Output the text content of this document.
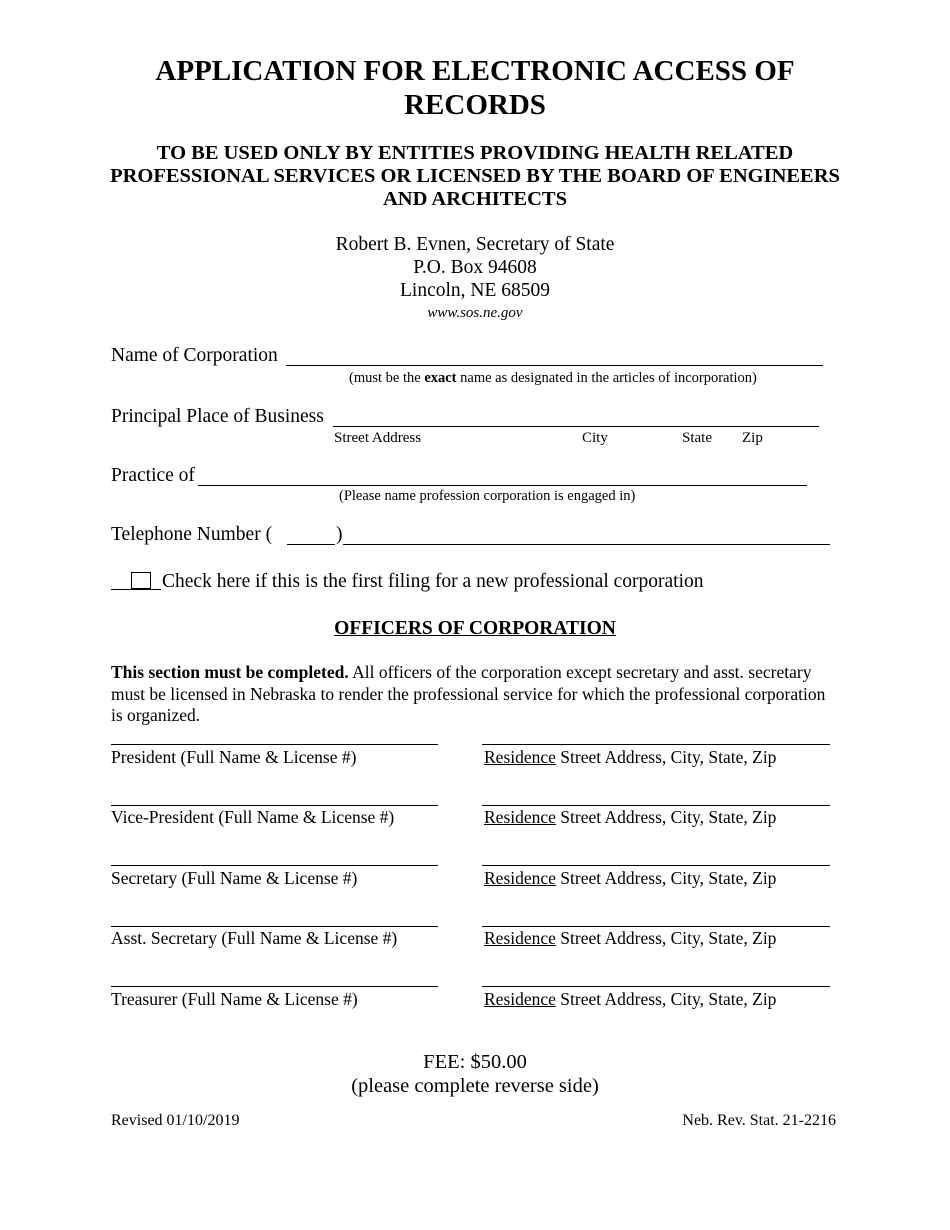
APPLICATION FOR ELECTRONIC ACCESS OF
RECORDS
TO BE USED ONLY BY ENTITIES PROVIDING HEALTH RELATED
PROFESSIONAL SERVICES OR LICENSED BY THE BOARD OF ENGINEERS
AND ARCHITECTS
Robert B. Evnen, Secretary of State
P.O. Box 94608
Lincoln, NE 68509
www.sos.ne.gov
Name of Corporation
(must be the exact name as designated in the articles of incorporation)
Principal Place of Business
Street Address	City	State Zip
Practice of
(Please name profession corporation is engaged in)
Telephone Number (	)
Check here if this is the first filing for a new professional corporation
OFFICERS OF CORPORATION
This section must be completed. All officers of the corporation except secretary and asst. secretary must be licensed in Nebraska to render the professional service for which the professional corporation is organized.
President (Full Name & License #)	Residence Street Address, City, State, Zip
Vice-President (Full Name & License #)	Residence Street Address, City, State, Zip
Secretary (Full Name & License #)	Residence Street Address, City, State, Zip
Asst. Secretary (Full Name & License #)	Residence Street Address, City, State, Zip
Treasurer (Full Name & License #)	Residence Street Address, City, State, Zip
FEE: $50.00
(please complete reverse side)
Revised 01/10/2019	Neb. Rev. Stat. 21-2216
